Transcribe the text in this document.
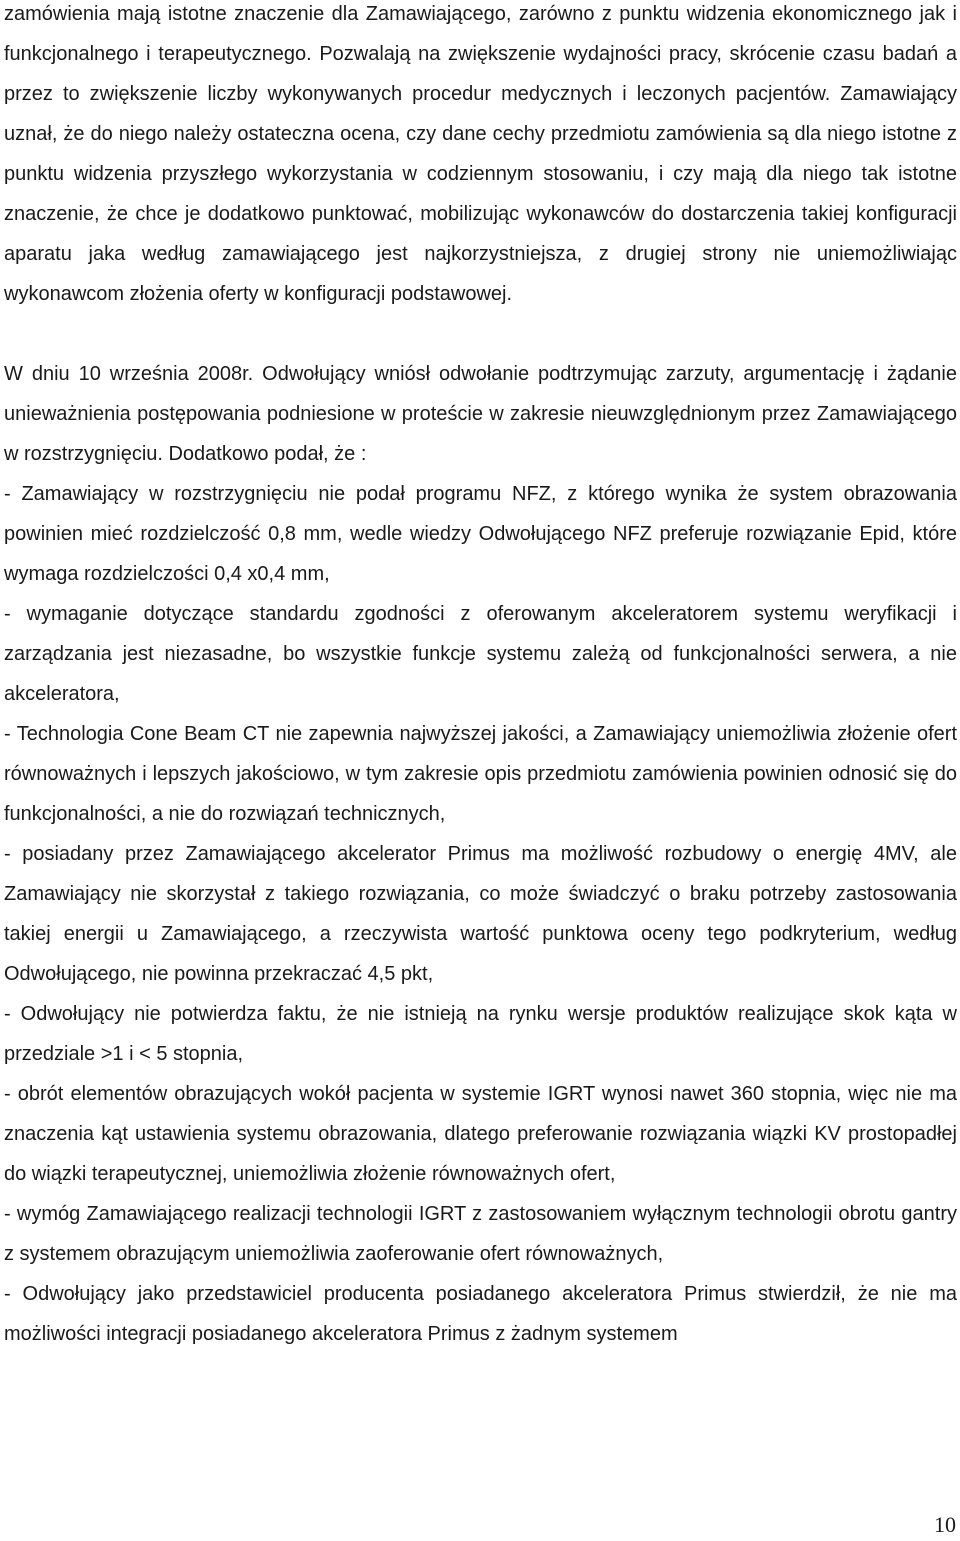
zamówienia mają istotne znaczenie dla Zamawiającego, zarówno z punktu widzenia ekonomicznego jak i funkcjonalnego i terapeutycznego. Pozwalają na zwiększenie wydajności pracy, skrócenie czasu badań a przez to zwiększenie liczby wykonywanych procedur medycznych i leczonych pacjentów. Zamawiający uznał, że do niego należy ostateczna ocena, czy dane cechy przedmiotu zamówienia są dla niego istotne z punktu widzenia przyszłego wykorzystania w codziennym stosowaniu, i czy mają dla niego tak istotne znaczenie, że chce je dodatkowo punktować, mobilizując wykonawców do dostarczenia takiej konfiguracji aparatu jaka według zamawiającego jest najkorzystniejsza, z drugiej strony nie uniemożliwiając wykonawcom złożenia oferty w konfiguracji podstawowej.

W dniu 10 września 2008r. Odwołujący wniósł odwołanie podtrzymując zarzuty, argumentację i żądanie unieważnienia postępowania podniesione w proteście w zakresie nieuwzględnionym przez Zamawiającego w rozstrzygnięciu. Dodatkowo podał, że :

- Zamawiający w rozstrzygnięciu nie podał programu NFZ, z którego wynika że system obrazowania powinien mieć rozdzielczość 0,8 mm, wedle wiedzy Odwołującego NFZ preferuje rozwiązanie Epid, które wymaga rozdzielczości 0,4 x0,4 mm,

- wymaganie dotyczące standardu zgodności z oferowanym akceleratorem systemu weryfikacji i zarządzania jest niezasadne, bo wszystkie funkcje systemu zależą od funkcjonalności serwera, a nie akceleratora,

- Technologia Cone Beam CT nie zapewnia najwyższej jakości, a Zamawiający uniemożliwia złożenie ofert równoważnych i lepszych jakościowo, w tym zakresie opis przedmiotu zamówienia powinien odnosić się do funkcjonalności, a nie do rozwiązań technicznych,

- posiadany przez Zamawiającego akcelerator Primus ma możliwość rozbudowy o energię 4MV, ale Zamawiający nie skorzystał z takiego rozwiązania, co może świadczyć o braku potrzeby zastosowania takiej energii u Zamawiającego, a rzeczywista wartość punktowa oceny tego podkryterium, według Odwołującego, nie powinna przekraczać 4,5 pkt,

- Odwołujący nie potwierdza faktu, że nie istnieją na rynku wersje produktów realizujące skok kąta w przedziale >1 i < 5 stopnia,

- obrót elementów obrazujących wokół pacjenta w systemie IGRT wynosi nawet 360 stopnia, więc nie ma znaczenia kąt ustawienia systemu obrazowania, dlatego preferowanie rozwiązania wiązki KV prostopadłej do wiązki terapeutycznej, uniemożliwia złożenie równoważnych ofert,

- wymóg Zamawiającego realizacji technologii IGRT z zastosowaniem wyłącznym technologii obrotu gantry z systemem obrazującym uniemożliwia zaoferowanie ofert równoważnych,

- Odwołujący jako przedstawiciel producenta posiadanego akceleratora Primus stwierdził, że nie ma możliwości integracji posiadanego akceleratora Primus z żadnym systemem

10
